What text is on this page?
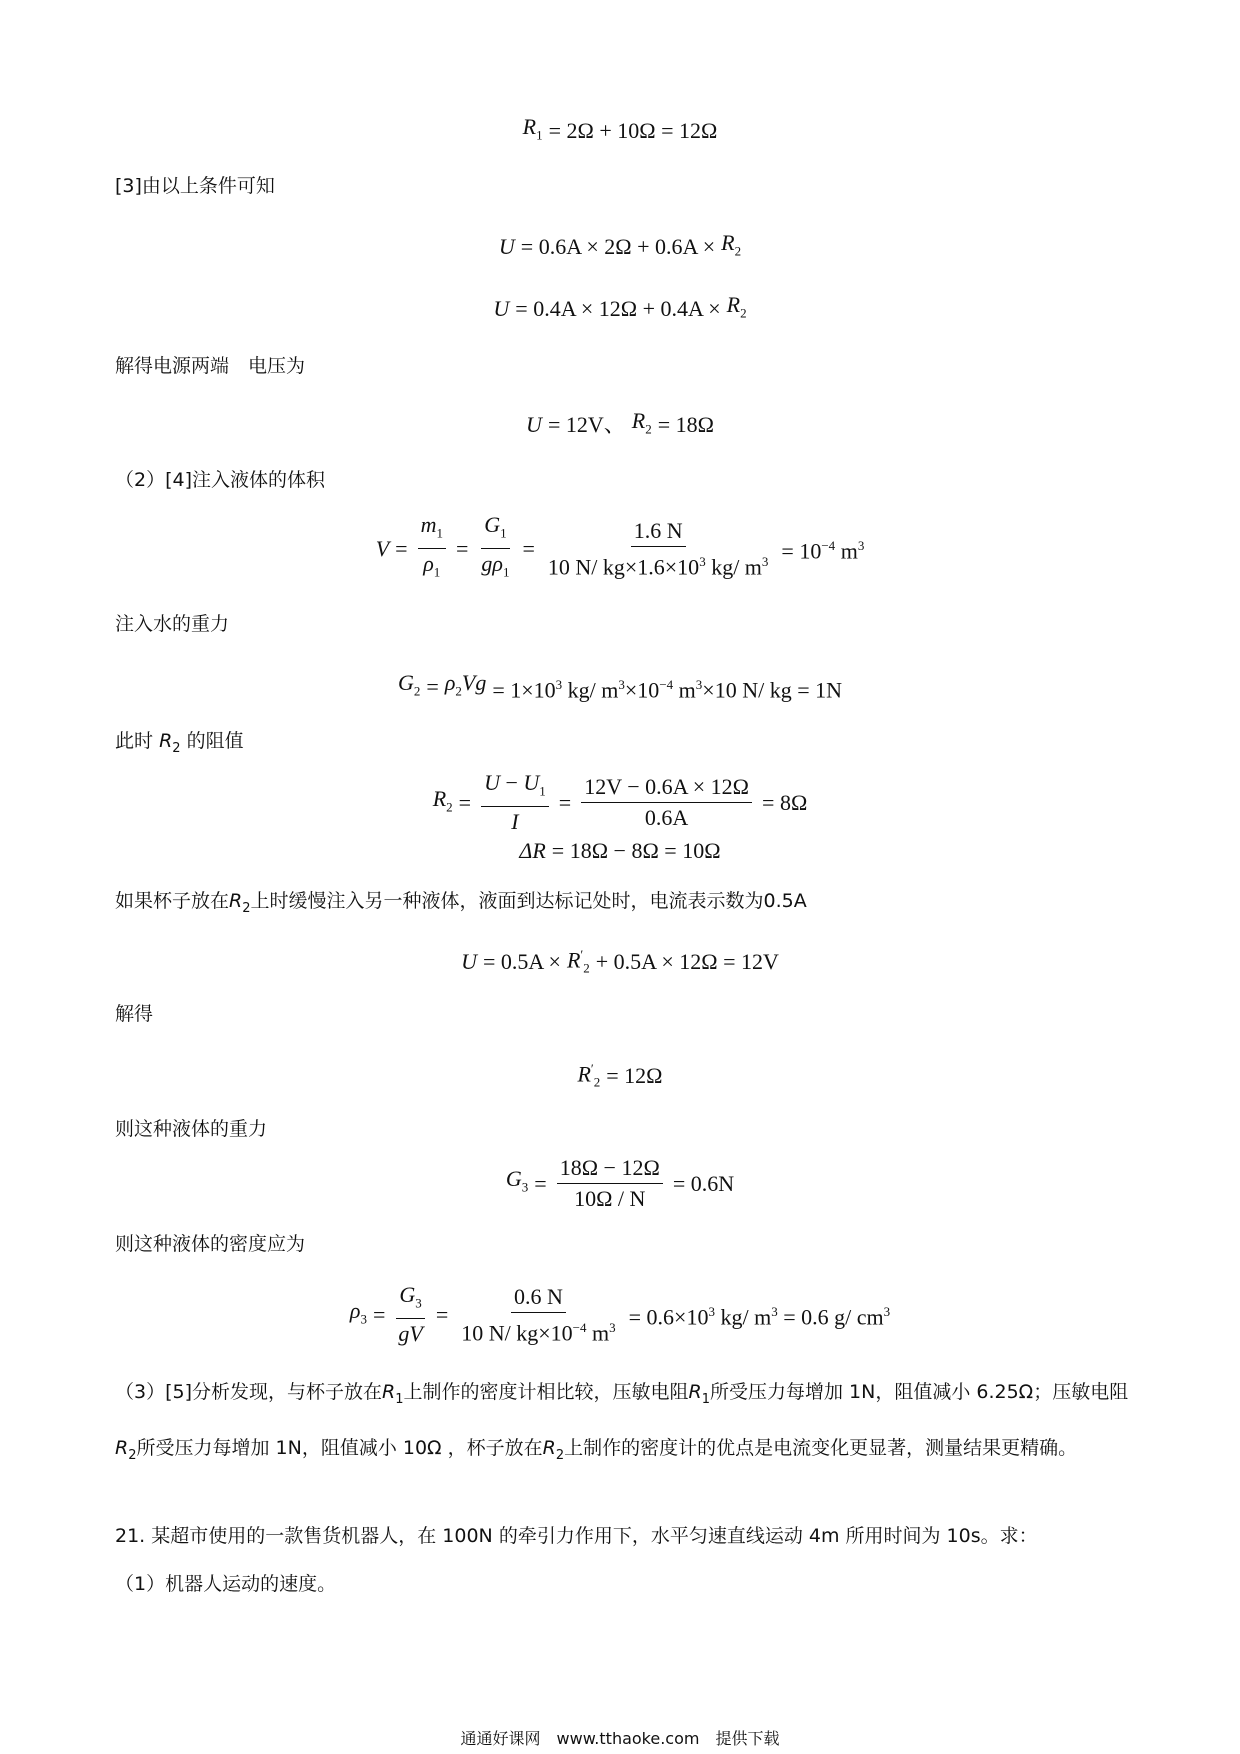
$R_1 = 2\Omega + 10\Omega = 12\Omega$
[3]由以上条件可知
$U = 0.6A \times 2\Omega + 0.6A \times R_2$
$U = 0.4A \times 12\Omega + 0.4A \times R_2$
解得电源两端　电压为
U = 12V、 $R_2 = 18\Omega$
（2）[4]注入液体的体积
$V = \frac{m_1}{\rho_1} = \frac{G_1}{g\rho_1} = \frac{1.6 N}{10 N/ kg\times 1.6\times 10^3 kg/ m^3} = 10^{-4}$ $m^3$
注入水的重力
$G_2 = \rho_2Vg = 1\times 10^3$ kg/ $m^3\times 10^{-4}$ $m^3\times 10$ N/ kg = 1N
此时 $R_2$ 的阻值
$R_2 = \frac{U - U_1}{I} = \frac{12V - 0.6A \times 12\Omega}{0.6A} = 8\Omega$
ΔR = 18Ω − 8Ω = 10Ω
如果杯子放在$R_2$上时缓慢注入另一种液体，液面到达标记处时，电流表示数为0.5A
$U = 0.5A \times R'_2 + 0.5A \times 12\Omega = 12V$
解得
$R'_2 = 12\Omega$
则这种液体的重力
$G_3 = \frac{18\Omega - 12\Omega}{10\Omega / N} = 0.6N$
则这种液体的密度应为
$\rho_3 = \frac{G_3}{gV} = \frac{0.6 N}{10 N/ kg\times 10^{-4} m^3} = 0.6\times 10^3$ kg/ $m^3 = 0.6$ g/ $cm^3$
（3）[5]分析发现，与杯子放在$R_1$上制作的密度计相比较，压敏电阻$R_1$所受压力每增加 1N，阻值减小 6.25Ω；压敏电阻$R_2$所受压力每增加 1N，阻值减小 10Ω ，杯子放在$R_2$上制作的密度计的优点是电流变化更显著，测量结果更精确。
21. 某超市使用的一款售货机器人，在 100N 的牵引力作用下，水平匀速直线运动 4m 所用时间为 10s。求：
（1）机器人运动的速度。
通通好课网　www.tthaoke.com　提供下载
